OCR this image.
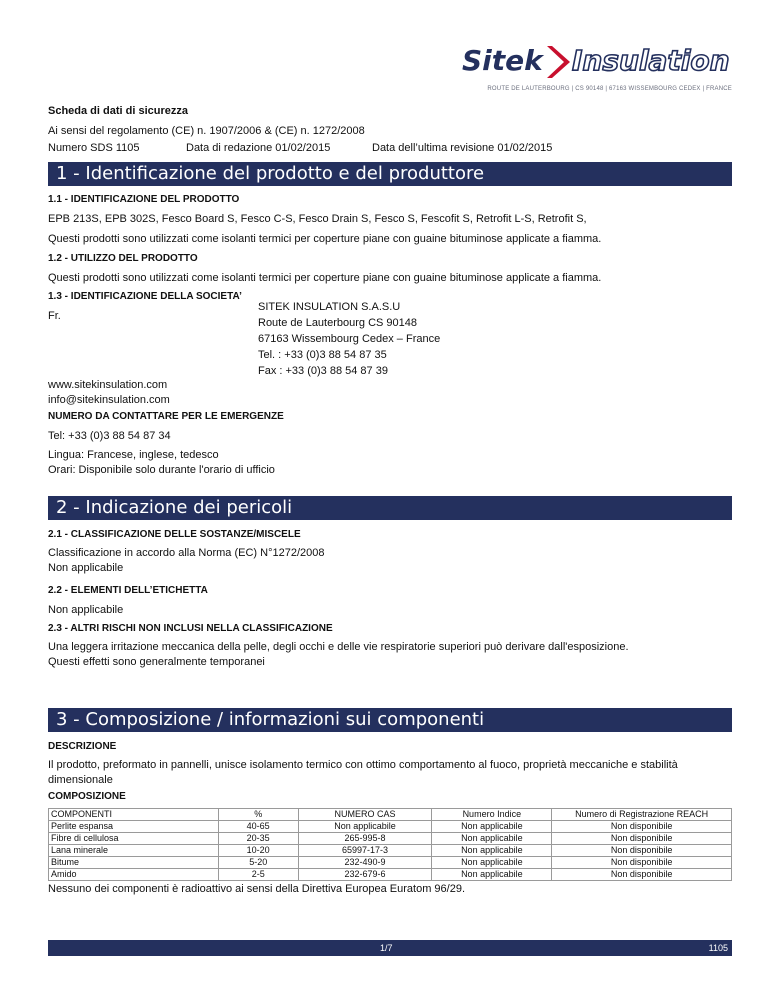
Sitek Insulation
ROUTE DE LAUTERBOURG | CS 90148 | 67163 WISSEMBOURG CEDEX | FRANCE
Scheda di dati di sicurezza
Ai sensi del regolamento (CE) n. 1907/2006 & (CE) n. 1272/2008
Numero SDS 1105	Data di redazione 01/02/2015	Data dell’ultima revisione 01/02/2015
1 - Identificazione del prodotto e del produttore
1.1 - IDENTIFICAZIONE DEL PRODOTTO
EPB 213S, EPB 302S, Fesco Board S, Fesco C-S, Fesco Drain S, Fesco S, Fescofit S, Retrofit L-S, Retrofit S,
Questi prodotti sono utilizzati come isolanti termici per coperture piane con guaine bituminose applicate a fiamma.
1.2 - UTILIZZO DEL PRODOTTO
Questi prodotti sono utilizzati come isolanti termici per coperture piane con guaine bituminose applicate a fiamma.
1.3 - IDENTIFICAZIONE DELLA SOCIETA’
Fr.
SITEK INSULATION S.A.S.U
Route de Lauterbourg CS 90148
67163 Wissembourg Cedex – France
Tel. : +33 (0)3 88 54 87 35
Fax : +33 (0)3 88 54 87 39
www.sitekinsulation.com
info@sitekinsulation.com
NUMERO DA CONTATTARE PER LE EMERGENZE
Tel: +33 (0)3 88 54 87 34
Lingua: Francese, inglese, tedesco
Orari: Disponibile solo durante l'orario di ufficio
2 - Indicazione dei pericoli
2.1 - CLASSIFICAZIONE DELLE SOSTANZE/MISCELE
Classificazione in accordo alla Norma (EC) N°1272/2008
Non applicabile
2.2 - ELEMENTI DELL’ETICHETTA
Non applicabile
2.3 - ALTRI RISCHI NON INCLUSI NELLA CLASSIFICAZIONE
Una leggera irritazione meccanica della pelle, degli occhi e delle vie respiratorie superiori può derivare dall'esposizione.
Questi effetti sono generalmente temporanei
3 - Composizione / informazioni sui componenti
DESCRIZIONE
Il prodotto, preformato in pannelli, unisce isolamento termico con ottimo comportamento al fuoco, proprietà meccaniche e stabilità
dimensionale
COMPOSIZIONE
COMPONENTI	%	NUMERO CAS	Numero Indice	Numero di Registrazione REACH
Perlite espansa	40-65	Non applicabile	Non applicabile	Non disponibile
Fibre di cellulosa	20-35	265-995-8	Non applicabile	Non disponibile
Lana minerale	10-20	65997-17-3	Non applicabile	Non disponibile
Bitume	5-20	232-490-9	Non applicabile	Non disponibile
Amido	2-5	232-679-6	Non applicabile	Non disponibile
Nessuno dei componenti è radioattivo ai sensi della Direttiva Europea Euratom 96/29.
1/7	1105
